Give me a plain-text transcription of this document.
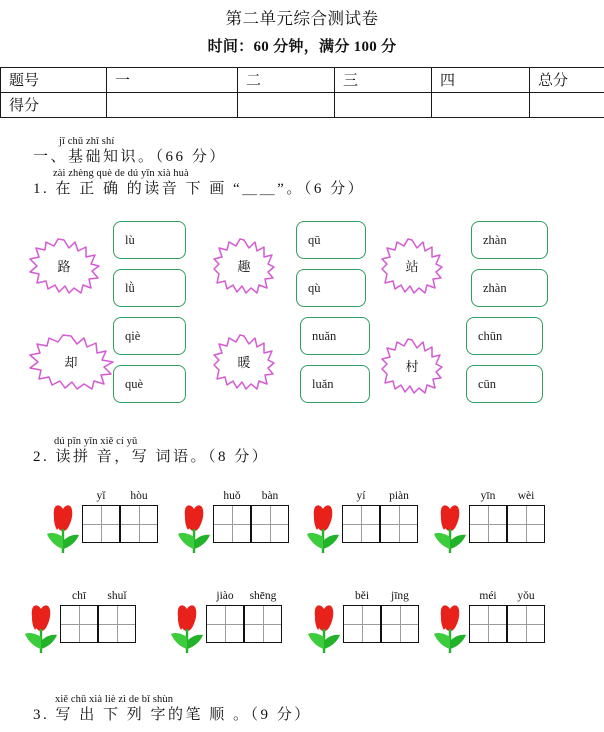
第二单元综合测试卷
时间：60 分钟，满分 100 分
题号	一	二	三	四	总分
得分					
jī chǔ zhī shí
一、基础知识。（66 分）
zài zhèng què de dú yīn xià huà
1. 在 正 确 的读音 下 画 “＿＿”。（6 分）
路
却
趣
暖
站
村
lù
lǜ
qiè
què
qū
qù
nuǎn
luǎn
zhàn
zhàn
chūn
cūn
dú pīn yīn xiě cí yǔ
2. 读拼 音，写 词语。（8 分）
yǐ	hòu	huǒ	bàn	yí	piàn	yīn	wèi
chī	shuǐ	jiào	shēng	běi	jīng	méi	yǒu
xiě chū xià liè zì de bǐ shùn
3. 写 出 下 列 字的笔 顺 。（9 分）
